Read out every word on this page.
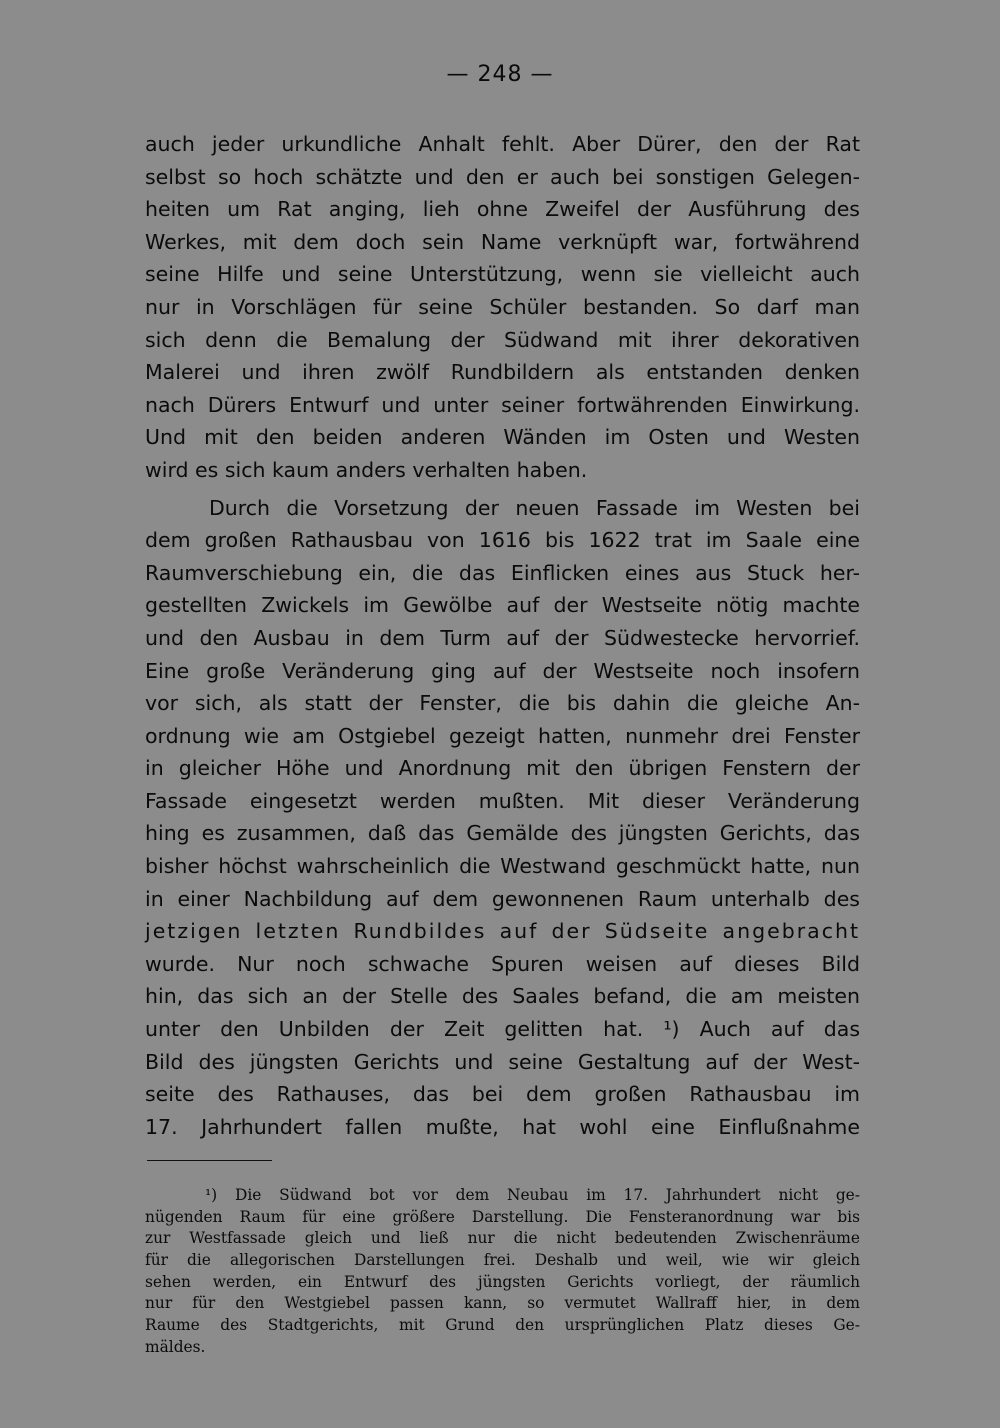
— 248 —
auch jeder urkundliche Anhalt fehlt. Aber Dürer, den der Rat
selbst so hoch schätzte und den er auch bei sonstigen Gelegen-
heiten um Rat anging, lieh ohne Zweifel der Ausführung des
Werkes, mit dem doch sein Name verknüpft war, fortwährend
seine Hilfe und seine Unterstützung, wenn sie vielleicht auch
nur in Vorschlägen für seine Schüler bestanden. So darf man
sich denn die Bemalung der Südwand mit ihrer dekorativen
Malerei und ihren zwölf Rundbildern als entstanden denken
nach Dürers Entwurf und unter seiner fortwährenden Einwirkung.
Und mit den beiden anderen Wänden im Osten und Westen
wird es sich kaum anders verhalten haben.
Durch die Vorsetzung der neuen Fassade im Westen bei
dem großen Rathausbau von 1616 bis 1622 trat im Saale eine
Raumverschiebung ein, die das Einflicken eines aus Stuck her-
gestellten Zwickels im Gewölbe auf der Westseite nötig machte
und den Ausbau in dem Turm auf der Südwestecke hervorrief.
Eine große Veränderung ging auf der Westseite noch insofern
vor sich, als statt der Fenster, die bis dahin die gleiche An-
ordnung wie am Ostgiebel gezeigt hatten, nunmehr drei Fenster
in gleicher Höhe und Anordnung mit den übrigen Fenstern der
Fassade eingesetzt werden mußten. Mit dieser Veränderung
hing es zusammen, daß das Gemälde des jüngsten Gerichts, das
bisher höchst wahrscheinlich die Westwand geschmückt hatte, nun
in einer Nachbildung auf dem gewonnenen Raum unterhalb des
jetzigen letzten Rundbildes auf der Südseite angebracht
wurde. Nur noch schwache Spuren weisen auf dieses Bild
hin, das sich an der Stelle des Saales befand, die am meisten
unter den Unbilden der Zeit gelitten hat. ¹) Auch auf das
Bild des jüngsten Gerichts und seine Gestaltung auf der West-
seite des Rathauses, das bei dem großen Rathausbau im
17. Jahrhundert fallen mußte, hat wohl eine Einflußnahme
¹) Die Südwand bot vor dem Neubau im 17. Jahrhundert nicht ge-
nügenden Raum für eine größere Darstellung. Die Fensteranordnung war bis
zur Westfassade gleich und ließ nur die nicht bedeutenden Zwischenräume
für die allegorischen Darstellungen frei. Deshalb und weil, wie wir gleich
sehen werden, ein Entwurf des jüngsten Gerichts vorliegt, der räumlich
nur für den Westgiebel passen kann, so vermutet Wallraff hier, in dem
Raume des Stadtgerichts, mit Grund den ursprünglichen Platz dieses Ge-
mäldes.
